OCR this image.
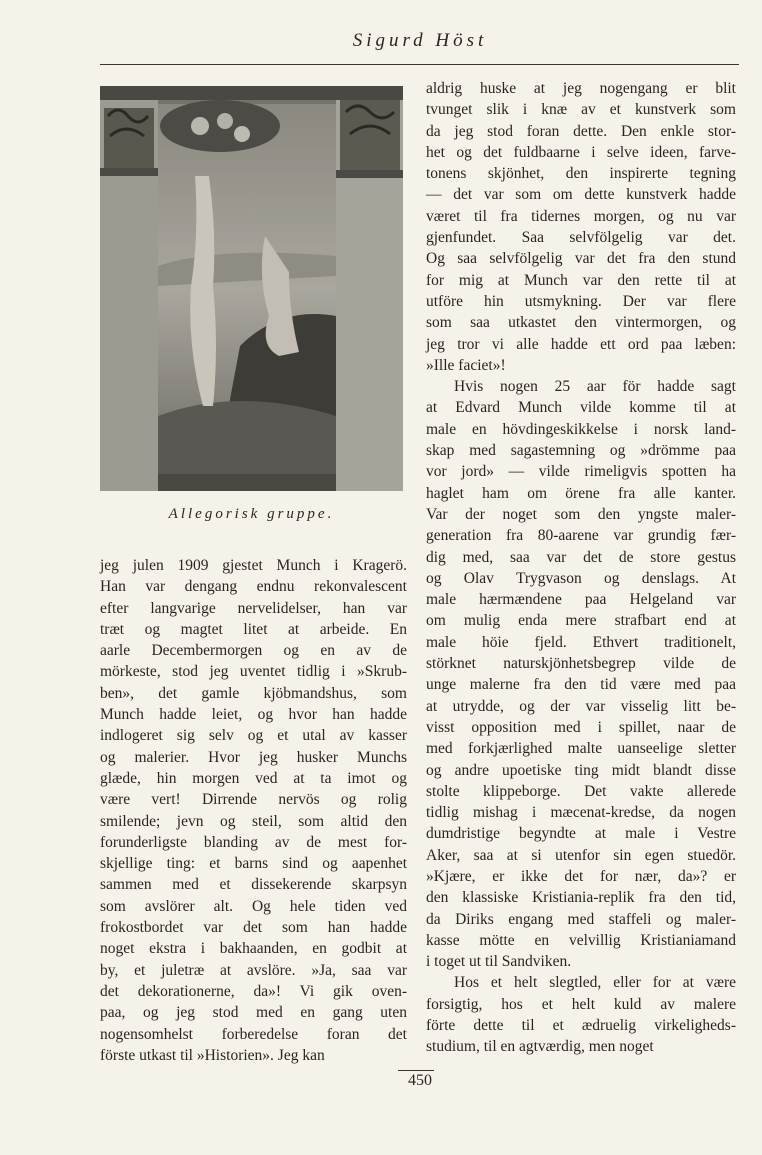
Sigurd Höst
Allegorisk gruppe.
jeg julen 1909 gjestet Munch i Kragerö.
Han var dengang endnu rekonvalescent
efter langvarige nervelidelser, han var
træt og magtet litet at arbeide. En
aarle Decembermorgen og en av de
mörkeste, stod jeg uventet tidlig i »Skrub-
ben», det gamle kjöbmandshus, som
Munch hadde leiet, og hvor han hadde
indlogeret sig selv og et utal av kasser
og malerier. Hvor jeg husker Munchs
glæde, hin morgen ved at ta imot og
være vert! Dirrende nervös og rolig
smilende; jevn og steil, som altid den
forunderligste blanding av de mest for-
skjellige ting: et barns sind og aapenhet
sammen med et dissekerende skarpsyn
som avslörer alt. Og hele tiden ved
frokostbordet var det som han hadde
noget ekstra i bakhaanden, en godbit at
by, et juletræ at avslöre. »Ja, saa var
det dekorationerne, da»! Vi gik oven-
paa, og jeg stod med en gang uten
nogensomhelst forberedelse foran det
förste utkast til »Historien». Jeg kan
aldrig huske at jeg nogengang er blit
tvunget slik i knæ av et kunstverk som
da jeg stod foran dette. Den enkle stor-
het og det fuldbaarne i selve ideen, farve-
tonens skjönhet, den inspirerte tegning
— det var som om dette kunstverk hadde
været til fra tidernes morgen, og nu var
gjenfundet. Saa selvfölgelig var det.
Og saa selvfölgelig var det fra den stund
for mig at Munch var den rette til at
utföre hin utsmykning. Der var flere
som saa utkastet den vintermorgen, og
jeg tror vi alle hadde ett ord paa læben:
»Ille faciet»!
Hvis nogen 25 aar för hadde sagt
at Edvard Munch vilde komme til at
male en hövdingeskikkelse i norsk land-
skap med sagastemning og »drömme paa
vor jord» — vilde rimeligvis spotten ha
haglet ham om örene fra alle kanter.
Var der noget som den yngste maler-
generation fra 80-aarene var grundig fær-
dig med, saa var det de store gestus
og Olav Trygvason og denslags. At
male hærmændene paa Helgeland var
om mulig enda mere strafbart end at
male höie fjeld. Ethvert traditionelt,
störknet naturskjönhetsbegrep vilde de
unge malerne fra den tid være med paa
at utrydde, og der var visselig litt be-
visst opposition med i spillet, naar de
med forkjærlighed malte uanseelige sletter
og andre upoetiske ting midt blandt disse
stolte klippeborge. Det vakte allerede
tidlig mishag i mæcenat-kredse, da nogen
dumdristige begyndte at male i Vestre
Aker, saa at si utenfor sin egen stuedör.
»Kjære, er ikke det for nær, da»? er
den klassiske Kristiania-replik fra den tid,
da Diriks engang med staffeli og maler-
kasse mötte en velvillig Kristianiamand
i toget ut til Sandviken.
Hos et helt slegtled, eller for at være
forsigtig, hos et helt kuld av malere
förte dette til et ædruelig virkeligheds-
studium, til en agtværdig, men noget
450
